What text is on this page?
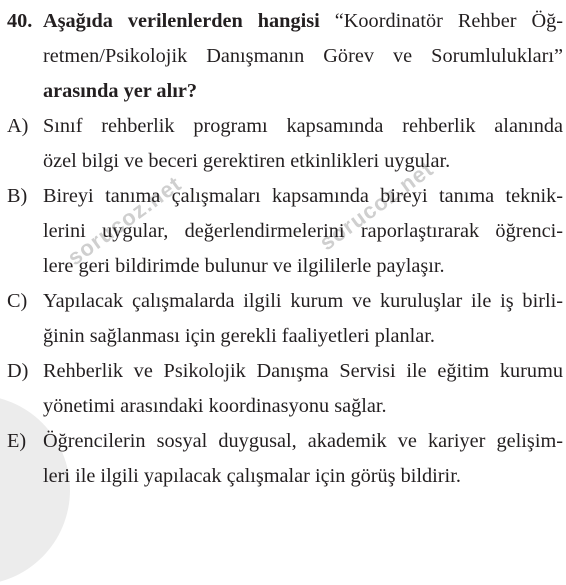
sorucoz.net	sorucoz.net
40. Aşağıda verilenlerden hangisi “Koordinatör Rehber Öğ-
retmen/Psikolojik Danışmanın Görev ve Sorumlulukları”
arasında yer alır?
A) Sınıf rehberlik programı kapsamında rehberlik alanında
özel bilgi ve beceri gerektiren etkinlikleri uygular.
B) Bireyi tanıma çalışmaları kapsamında bireyi tanıma teknik-
lerini uygular, değerlendirmelerini raporlaştırarak öğrenci-
lere geri bildirimde bulunur ve ilgililerle paylaşır.
C) Yapılacak çalışmalarda ilgili kurum ve kuruluşlar ile iş birli-
ğinin sağlanması için gerekli faaliyetleri planlar.
D) Rehberlik ve Psikolojik Danışma Servisi ile eğitim kurumu
yönetimi arasındaki koordinasyonu sağlar.
E) Öğrencilerin sosyal duygusal, akademik ve kariyer gelişim-
leri ile ilgili yapılacak çalışmalar için görüş bildirir.
